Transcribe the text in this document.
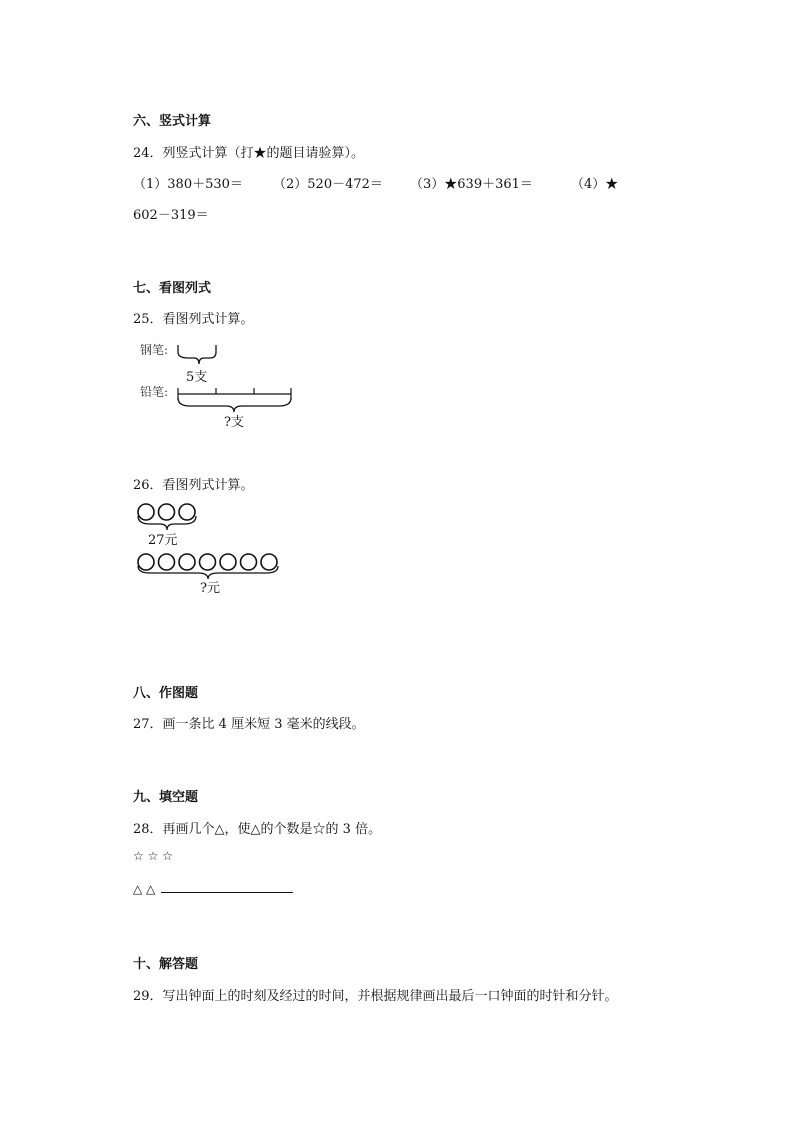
六、竖式计算
24．列竖式计算（打★的题目请验算）。
（1）380＋530＝ （2）520－472＝ （3）★639＋361＝	（4）★
602－319＝
七、看图列式
25．看图列式计算。
钢笔:
5支
铅笔:
?支
26．看图列式计算。
27元
?元
八、作图题
27．画一条比 4 厘米短 3 毫米的线段。
九、填空题
28．再画几个△，使△的个数是☆的 3 倍。
☆ ☆ ☆
△ △
十、解答题
29．写出钟面上的时刻及经过的时间，并根据规律画出最后一口钟面的时针和分针。
